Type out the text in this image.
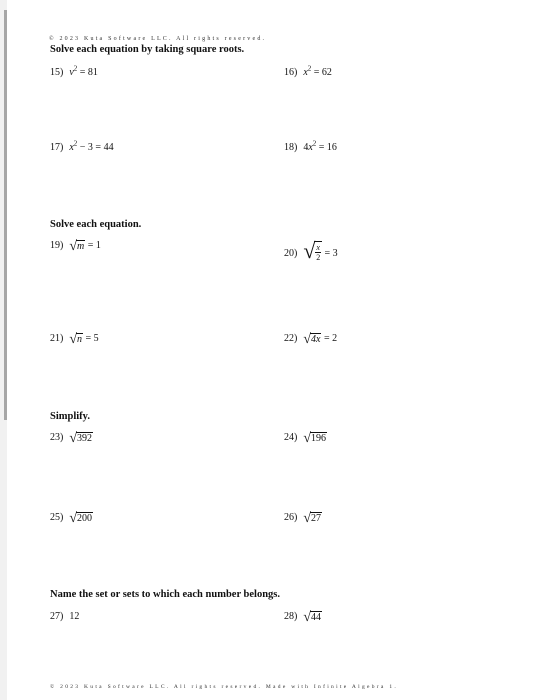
© 2023 Kuta Software LLC. All rights reserved.
Solve each equation by taking square roots.
15) $v^2 = 81$	16) $x^2 = 62$
17) $x^2 - 3 = 44$	18) $4x^2 = 16$
Solve each equation.
19) √ m = 1
20) √ $\frac{x}{2} = 3$
21) √ n = 5	22) √ 4x = 2
Simplify.
23) √ 392	24) √ 196
25) √ 200	26) √ 27
Name the set or sets to which each number belongs.
27) 12	28) √ 44
© 2023 Kuta Software LLC. All rights reserved. Made with Infinite Algebra 1.
